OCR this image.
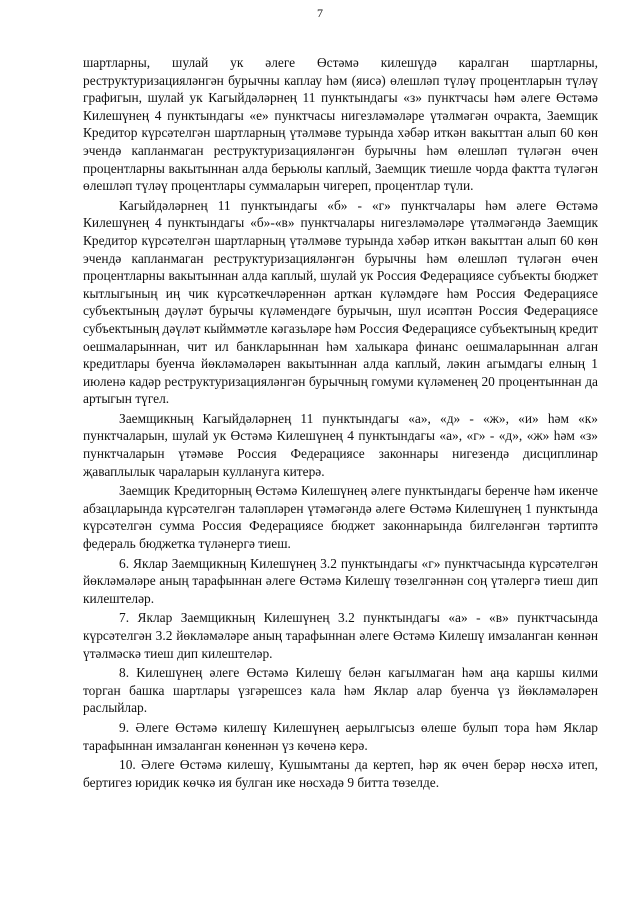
7

шартларны, шулай ук әлеге Өстәмә килешүдә каралган шартларны, реструктуризацияләнгән бурычны каплау һәм (яисә) өлешләп түләү процентларын түләү графигын, шулай ук Кагыйдәләрнең 11 пунктындагы «з» пунктчасы һәм әлеге Өстәмә Килешүнең 4 пунктындагы «е» пунктчасы нигезләмәләре үтәлмәгән очракта, Заемщик Кредитор күрсәтелгән шартларның үтәлмәве турында хәбәр иткән вакыттан алып 60 көн эчендә капланмаган реструктуризацияләнгән бурычны һәм өлешләп түләгән өчен процентларны вакытыннан алда берьюлы каплый, Заемщик тиешле чорда фактта түләгән өлешләп түләү процентлары суммаларын чигереп, процентлар түли.

Кагыйдәләрнең 11 пунктындагы «б» - «г» пунктчалары һәм әлеге Өстәмә Килешүнең 4 пунктындагы «б»-«в» пунктчалары нигезләмәләре үтәлмәгәндә Заемщик Кредитор күрсәтелгән шартларның үтәлмәве турында хәбәр иткән вакыттан алып 60 көн эчендә капланмаган реструктуризацияләнгән бурычны һәм өлешләп түләгән өчен процентларны вакытыннан алда каплый, шулай ук Россия Федерациясе субъекты бюджет кытлыгының иң чик күрсәткечләреннән арткан күләмдәге һәм Россия Федерациясе субъектының дәүләт бурычы күләмендәге бурычын, шул исәптән Россия Федерациясе субъектының дәүләт кыйммәтле кәгазьләре һәм Россия Федерациясе субъектының кредит оешмаларыннан, чит ил банкларыннан һәм халыкара финанс оешмаларыннан алган кредитлары буенча йөкләмәләрен вакытыннан алда каплый, ләкин агымдагы елның 1 июленә кадәр реструктуризацияләнгән бурычның гомуми күләменең 20 процентыннан да артыгын түгел.

Заемщикның Кагыйдәләрнең 11 пунктындагы «а», «д» - «ж», «и» һәм «к» пунктчаларын, шулай ук Өстәмә Килешүнең 4 пунктындагы «а», «г» - «д», «ж» һәм «з» пунктчаларын үтәмәве Россия Федерациясе законнары нигезендә дисциплинар җаваплылык чараларын кулланугa китерә.

Заемщик Кредиторның Өстәмә Килешүнең әлеге пунктындагы беренче һәм икенче абзацларында күрсәтелгән таләпләрен үтәмәгәндә әлеге Өстәмә Килешүнең 1 пунктында күрсәтелгән сумма Россия Федерациясе бюджет законнарында билгеләнгән тәртиптә федераль бюджетка түләнергә тиеш.

6. Яклар Заемщикның Килешүнең 3.2 пунктындагы «г» пунктчасында күрсәтелгән йөкләмәләре аның тарафыннан әлеге Өстәмә Килешү төзелгәннән соң үтәлергә тиеш дип килештеләр.

7. Яклар Заемщикның Килешүнең 3.2 пунктындагы «а» - «в» пунктчасында күрсәтелгән 3.2 йөкләмәләре аның тарафыннан әлеге Өстәмә Килешү имзаланган көннән үтәлмәскә тиеш дип килештеләр.

8. Килешүнең әлеге Өстәмә Килешү белән кагылмаган һәм аңа каршы килми торган башка шартлары үзгәрешсез кала һәм Яклар алар буенча үз йөкләмәләрен раслыйлар.

9. Әлеге Өстәмә килешү Килешүнең аерылгысыз өлеше булып тора һәм Яклар тарафыннан имзаланган көненнән үз көченә керә.

10. Әлеге Өстәмә килешү, Кушымтаны да кертеп, һәр як өчен берәр нөсхә итеп, бертигез юридик көчкә ия булган ике нөсхәдә 9 битта төзелде.
